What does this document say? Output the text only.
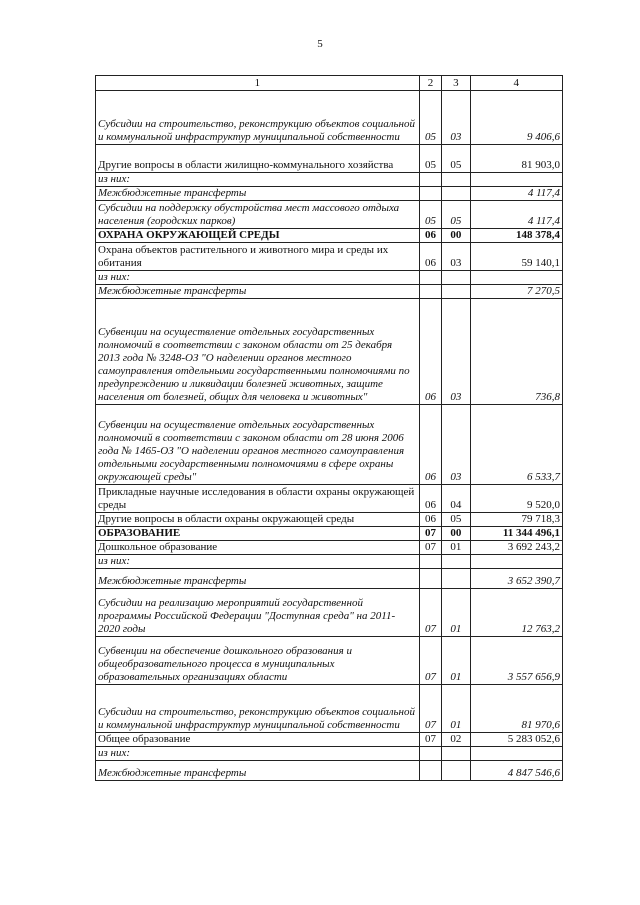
5
1	2	3	4
Субсидии на строительство, реконструкцию объектов социальной и коммунальной инфраструктур муниципальной собственности	05	03	9 406,6
Другие вопросы в области жилищно-коммунального хозяйства	05	05	81 903,0
из них:			
Межбюджетные трансферты			4 117,4
Субсидии на поддержку обустройства мест массового отдыха населения (городских парков)	05	05	4 117,4
ОХРАНА ОКРУЖАЮЩЕЙ СРЕДЫ	06	00	148 378,4
Охрана объектов растительного и животного мира и среды их обитания	06	03	59 140,1
из них:			
Межбюджетные трансферты			7 270,5
Субвенции на осуществление отдельных государственных полномочий в соответствии с законом области от 25 декабря 2013 года № 3248-ОЗ "О наделении органов местного самоуправления отдельными государственными полномочиями по предупреждению и ликвидации болезней животных, защите населения от болезней, общих для человека и животных"	06	03	736,8
Субвенции на осуществление отдельных государственных полномочий в соответствии с законом области от 28 июня 2006 года № 1465-ОЗ "О наделении органов местного самоуправления отдельными государственными полномочиями в сфере охраны окружающей среды"	06	03	6 533,7
Прикладные научные исследования в области охраны окружающей среды	06	04	9 520,0
Другие вопросы в области охраны окружающей среды	06	05	79 718,3
ОБРАЗОВАНИЕ	07	00	11 344 496,1
Дошкольное образование	07	01	3 692 243,2
из них:			
Межбюджетные трансферты			3 652 390,7
Субсидии на реализацию мероприятий государственной программы Российской Федерации "Доступная среда" на 2011-2020 годы	07	01	12 763,2
Субвенции на обеспечение дошкольного образования и общеобразовательного процесса в муниципальных образовательных организациях области	07	01	3 557 656,9
Субсидии на строительство, реконструкцию объектов социальной и коммунальной инфраструктур муниципальной собственности	07	01	81 970,6
Общее образование	07	02	5 283 052,6
из них:			
Межбюджетные трансферты			4 847 546,6
